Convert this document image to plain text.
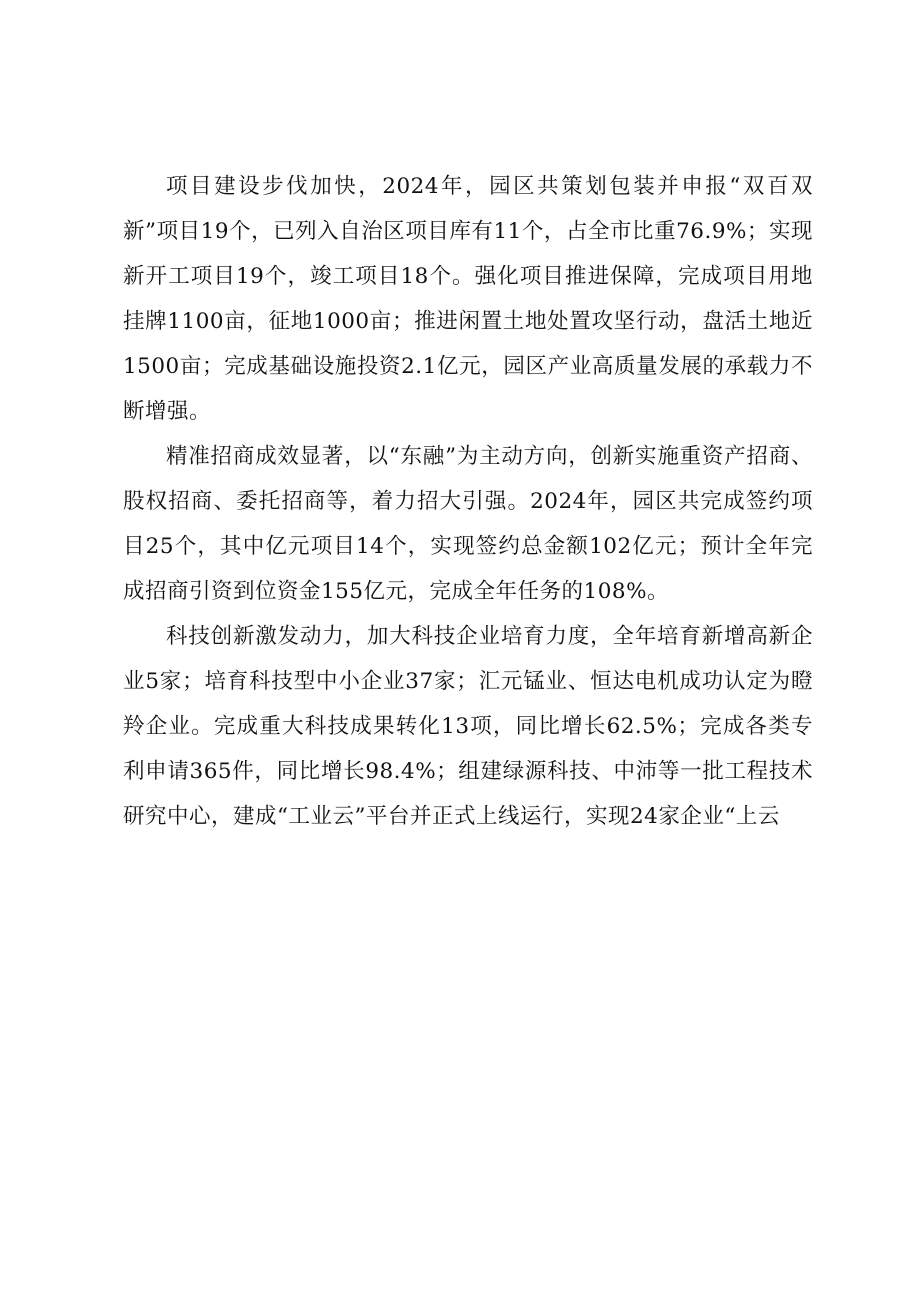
项目建设步伐加快，2024年，园区共策划包装并申报“双百双新”项目19个，已列入自治区项目库有11个，占全市比重76.9%；实现新开工项目19个，竣工项目18个。强化项目推进保障，完成项目用地挂牌1100亩，征地1000亩；推进闲置土地处置攻坚行动，盘活土地近1500亩；完成基础设施投资2.1亿元，园区产业高质量发展的承载力不断增强。

精准招商成效显著，以“东融”为主动方向，创新实施重资产招商、股权招商、委托招商等，着力招大引强。2024年，园区共完成签约项目25个，其中亿元项目14个，实现签约总金额102亿元；预计全年完成招商引资到位资金155亿元，完成全年任务的108%。

科技创新激发动力，加大科技企业培育力度，全年培育新增高新企业5家；培育科技型中小企业37家；汇元锰业、恒达电机成功认定为瞪羚企业。完成重大科技成果转化13项，同比增长62.5%；完成各类专利申请365件，同比增长98.4%；组建绿源科技、中沛等一批工程技术研究中心，建成“工业云”平台并正式上线运行，实现24家企业“上云
